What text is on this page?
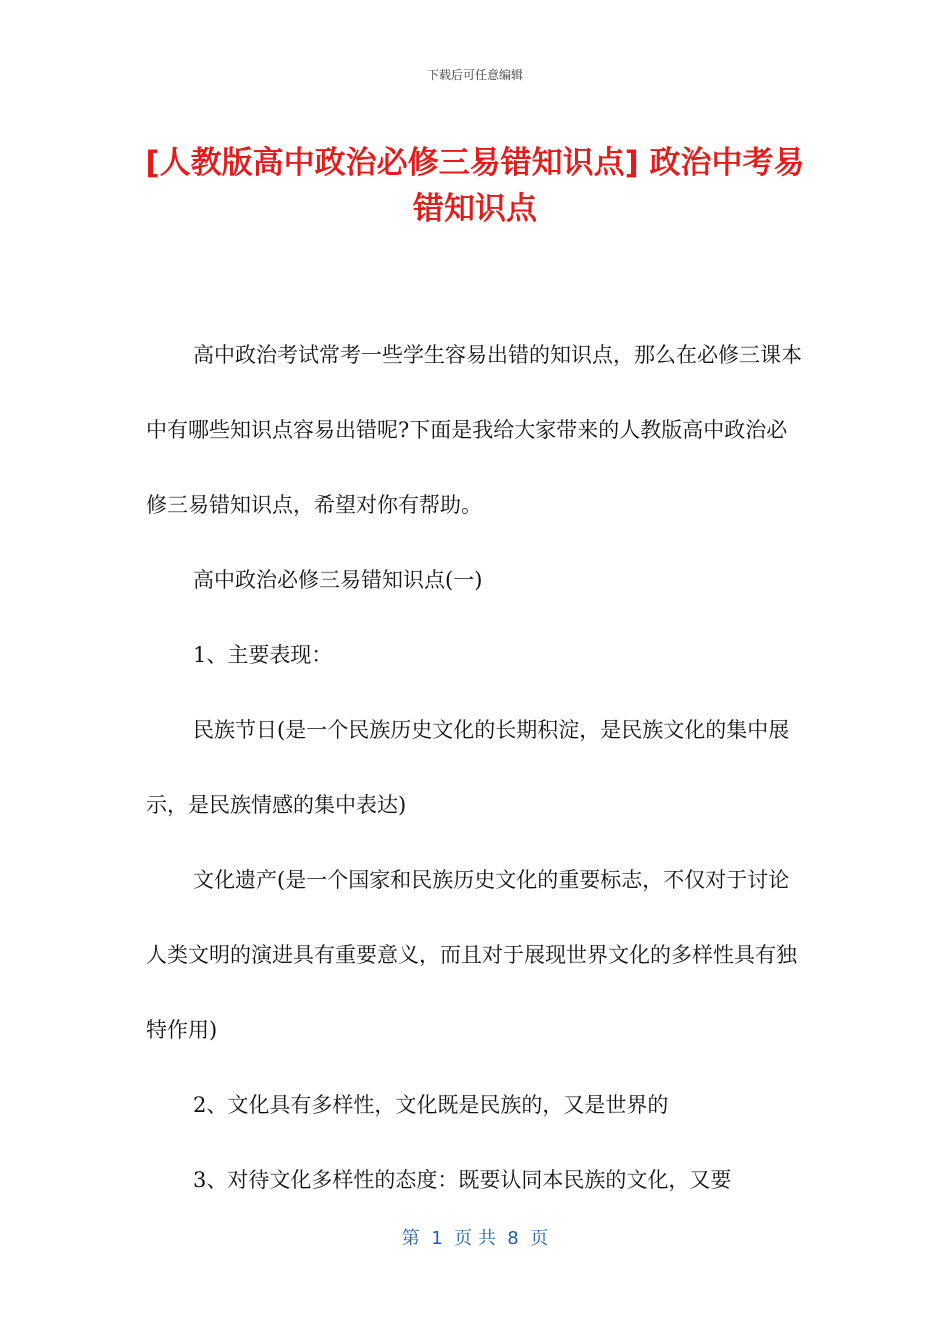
下载后可任意编辑
[人教版高中政治必修三易错知识点] 政治中考易错知识点

高中政治考试常考一些学生容易出错的知识点，那么在必修三课本中有哪些知识点容易出错呢?下面是我给大家带来的人教版高中政治必修三易错知识点，希望对你有帮助。

高中政治必修三易错知识点(一)

1、主要表现：

民族节日(是一个民族历史文化的长期积淀，是民族文化的集中展示，是民族情感的集中表达)

文化遗产(是一个国家和民族历史文化的重要标志，不仅对于讨论人类文明的演进具有重要意义，而且对于展现世界文化的多样性具有独特作用)

2、文化具有多样性，文化既是民族的，又是世界的

3、对待文化多样性的态度：既要认同本民族的文化，又要

第  1  页 共  8  页
